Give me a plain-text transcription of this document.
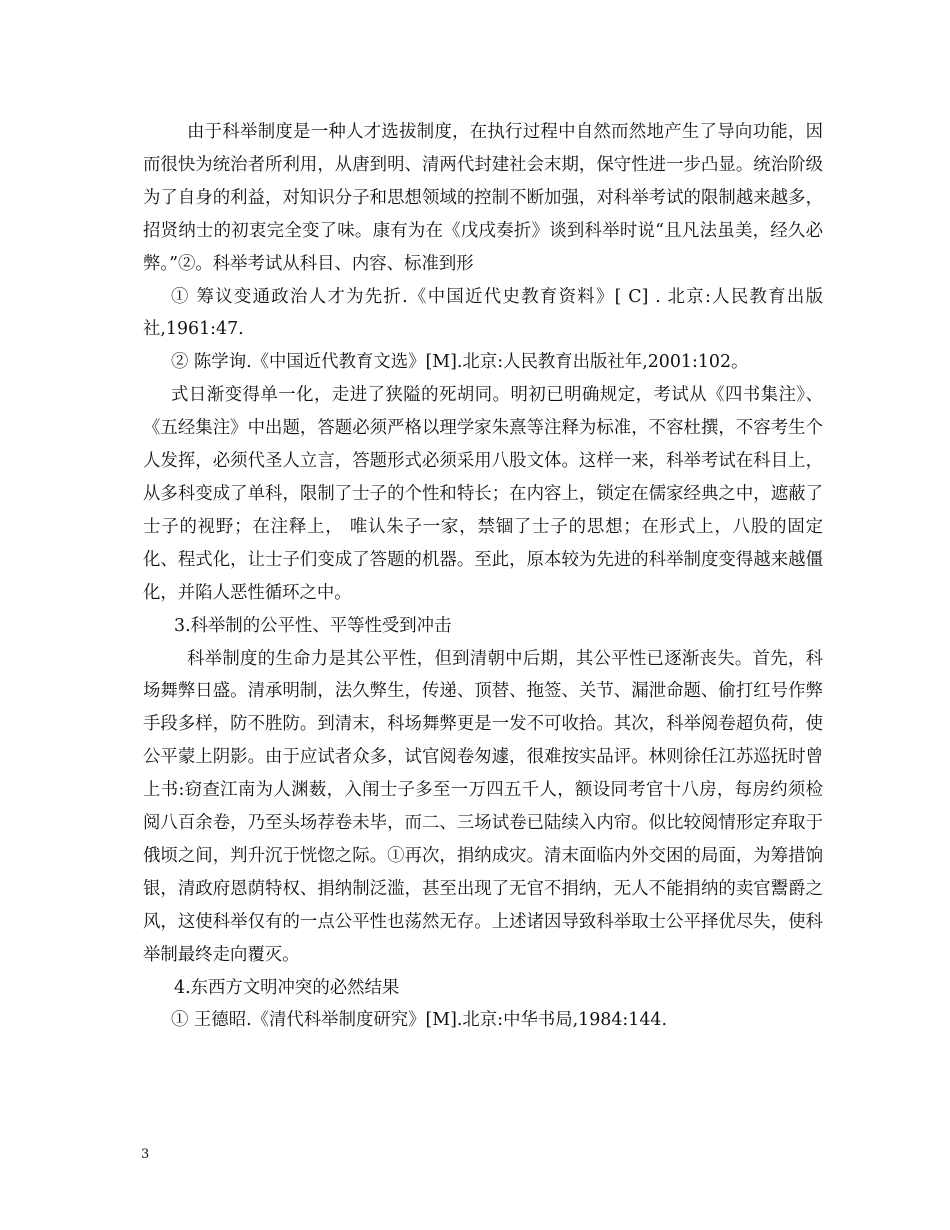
由于科举制度是一种人才选拔制度，在执行过程中自然而然地产生了导向功能，因而很快为统治者所利用，从唐到明、清两代封建社会末期，保守性进一步凸显。统治阶级为了自身的利益，对知识分子和思想领域的控制不断加强，对科举考试的限制越来越多， 招贤纳士的初衷完全变了味。康有为在《戊戌奏折》谈到科举时说“且凡法虽美，经久必弊。”②。科举考试从科目、内容、标准到形

① 筹议变通政治人才为先折.《中国近代史教育资料》[ C] . 北京:人民教育出版社,1961:47.

② 陈学询.《中国近代教育文选》[M].北京:人民教育出版社年,2001:102。

式日渐变得单一化，走进了狭隘的死胡同。明初已明确规定，考试从《四书集注》、《五经集注》中出题，答题必须严格以理学家朱熹等注释为标准，不容杜撰，不容考生个人发挥，必须代圣人立言，答题形式必须采用八股文体。这样一来，科举考试在科目上，从多科变成了单科，限制了士子的个性和特长；在内容上，锁定在儒家经典之中，遮蔽了士子的视野；在注释上， 唯认朱子一家，禁锢了士子的思想；在形式上，八股的固定化、程式化，让士子们变成了答题的机器。至此，原本较为先进的科举制度变得越来越僵化，并陷人恶性循环之中。

3.科举制的公平性、平等性受到冲击

科举制度的生命力是其公平性，但到清朝中后期，其公平性已逐渐丧失。首先，科场舞弊日盛。清承明制，法久弊生，传递、顶替、拖签、关节、漏泄命题、偷打红号作弊手段多样，防不胜防。到清末，科场舞弊更是一发不可收拾。其次，科举阅卷超负荷，使公平蒙上阴影。由于应试者众多，试官阅卷匆遽，很难按实品评。林则徐任江苏巡抚时曾上书:窃查江南为人渊薮，入闱士子多至一万四五千人，额设同考官十八房，每房约须检阅八百余卷，乃至头场荐卷未毕，而二、三场试卷已陆续入内帘。似比较阅情形定弃取于俄顷之间，判升沉于恍惚之际。①再次，捐纳成灾。清末面临内外交困的局面，为筹措饷银，清政府恩荫特权、捐纳制泛滥，甚至出现了无官不捐纳，无人不能捐纳的卖官鬻爵之风，这使科举仅有的一点公平性也荡然无存。上述诸因导致科举取士公平择优尽失，使科举制最终走向覆灭。

4.东西方文明冲突的必然结果

① 王德昭.《清代科举制度研究》[M].北京:中华书局,1984:144.

3
